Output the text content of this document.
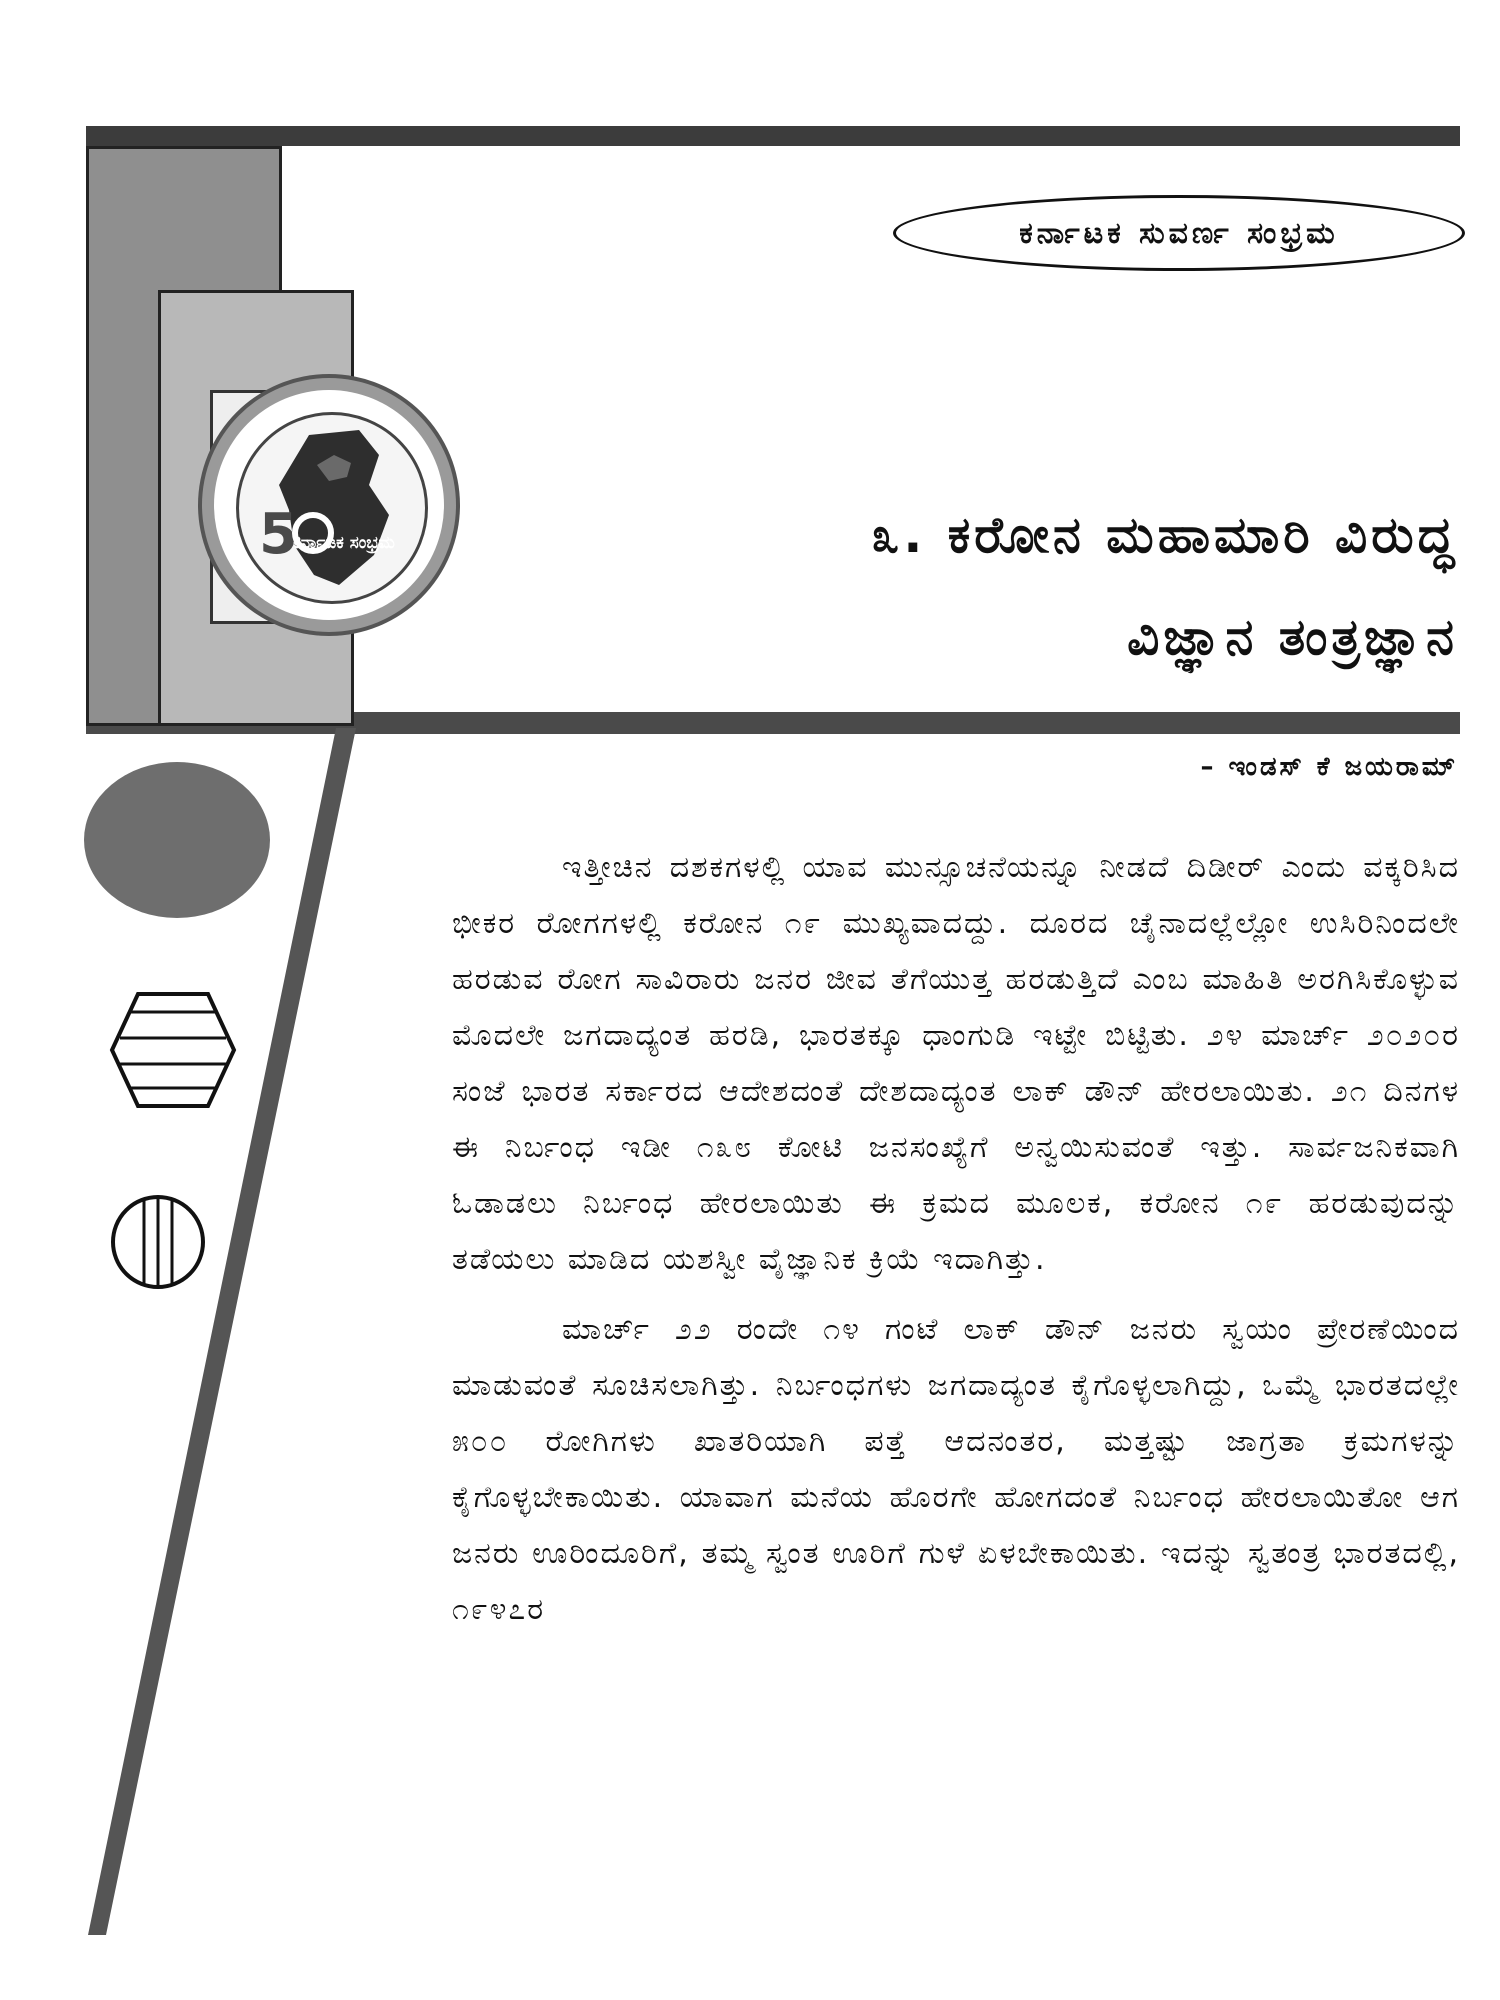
5
ಕರ್ನಾಟಕ ಸಂಭ್ರಮ
ಕರ್ನಾಟಕ ಸುವರ್ಣ ಸಂಭ್ರಮ
೩. ಕರೋನ ಮಹಾಮಾರಿ ವಿರುದ್ಧ
ವಿಜ್ಞಾನ ತಂತ್ರಜ್ಞಾನ
– ಇಂಡಸ್ ಕೆ ಜಯರಾಮ್

ಇತ್ತೀಚಿನ ದಶಕಗಳಲ್ಲಿ ಯಾವ ಮುನ್ಸೂಚನೆಯನ್ನೂ ನೀಡದೆ ದಿಡೀರ್ ಎಂದು ವಕ್ಕರಿಸಿದ ಭೀಕರ ರೋಗಗಳಲ್ಲಿ ಕರೋನ ೧೯ ಮುಖ್ಯವಾದದ್ದು. ದೂರದ ಚೈನಾದಲ್ಲೆಲ್ಲೋ ಉಸಿರಿನಿಂದಲೇ ಹರಡುವ ರೋಗ ಸಾವಿರಾರು ಜನರ ಜೀವ ತೆಗೆಯುತ್ತ ಹರಡುತ್ತಿದೆ ಎಂಬ ಮಾಹಿತಿ ಅರಗಿಸಿಕೊಳ್ಳುವ ಮೊದಲೇ ಜಗದಾದ್ಯಂತ ಹರಡಿ, ಭಾರತಕ್ಕೂ ಧಾಂಗುಡಿ ಇಟ್ಟೇ ಬಿಟ್ಟಿತು. ೨೪ ಮಾರ್ಚ್ ೨೦೨೦ರ ಸಂಜೆ ಭಾರತ ಸರ್ಕಾರದ ಆದೇಶದಂತೆ ದೇಶದಾದ್ಯಂತ ಲಾಕ್ ಡೌನ್ ಹೇರಲಾಯಿತು. ೨೧ ದಿನಗಳ ಈ ನಿರ್ಬಂಧ ಇಡೀ ೧೩೮ ಕೋಟಿ ಜನಸಂಖ್ಯೆಗೆ ಅನ್ವಯಿಸುವಂತೆ ಇತ್ತು. ಸಾರ್ವಜನಿಕವಾಗಿ ಓಡಾಡಲು ನಿರ್ಬಂಧ ಹೇರಲಾಯಿತು ಈ ಕ್ರಮದ ಮೂಲಕ, ಕರೋನ ೧೯ ಹರಡುವುದನ್ನು ತಡೆಯಲು ಮಾಡಿದ ಯಶಸ್ವೀ ವೈಜ್ಞಾನಿಕ ಕ್ರಿಯೆ ಇದಾಗಿತ್ತು.

ಮಾರ್ಚ್ ೨೨ ರಂದೇ ೧೪ ಗಂಟೆ ಲಾಕ್ ಡೌನ್ ಜನರು ಸ್ವಯಂ ಪ್ರೇರಣೆಯಿಂದ ಮಾಡುವಂತೆ ಸೂಚಿಸಲಾಗಿತ್ತು. ನಿರ್ಬಂಧಗಳು ಜಗದಾದ್ಯಂತ ಕೈಗೊಳ್ಳಲಾಗಿದ್ದು, ಒಮ್ಮೆ ಭಾರತದಲ್ಲೇ ೫೦೦ ರೋಗಿಗಳು ಖಾತರಿಯಾಗಿ ಪತ್ತೆ ಆದನಂತರ, ಮತ್ತಷ್ಟು ಜಾಗ್ರತಾ ಕ್ರಮಗಳನ್ನು ಕೈಗೊಳ್ಳಬೇಕಾಯಿತು. ಯಾವಾಗ ಮನೆಯ ಹೊರಗೇ ಹೋಗದಂತೆ ನಿರ್ಬಂಧ ಹೇರಲಾಯಿತೋ ಆಗ ಜನರು ಊರಿಂದೂರಿಗೆ, ತಮ್ಮ ಸ್ವಂತ ಊರಿಗೆ ಗುಳೆ ಏಳಬೇಕಾಯಿತು. ಇದನ್ನು ಸ್ವತಂತ್ರ ಭಾರತದಲ್ಲಿ, ೧೯೪೭ರ
